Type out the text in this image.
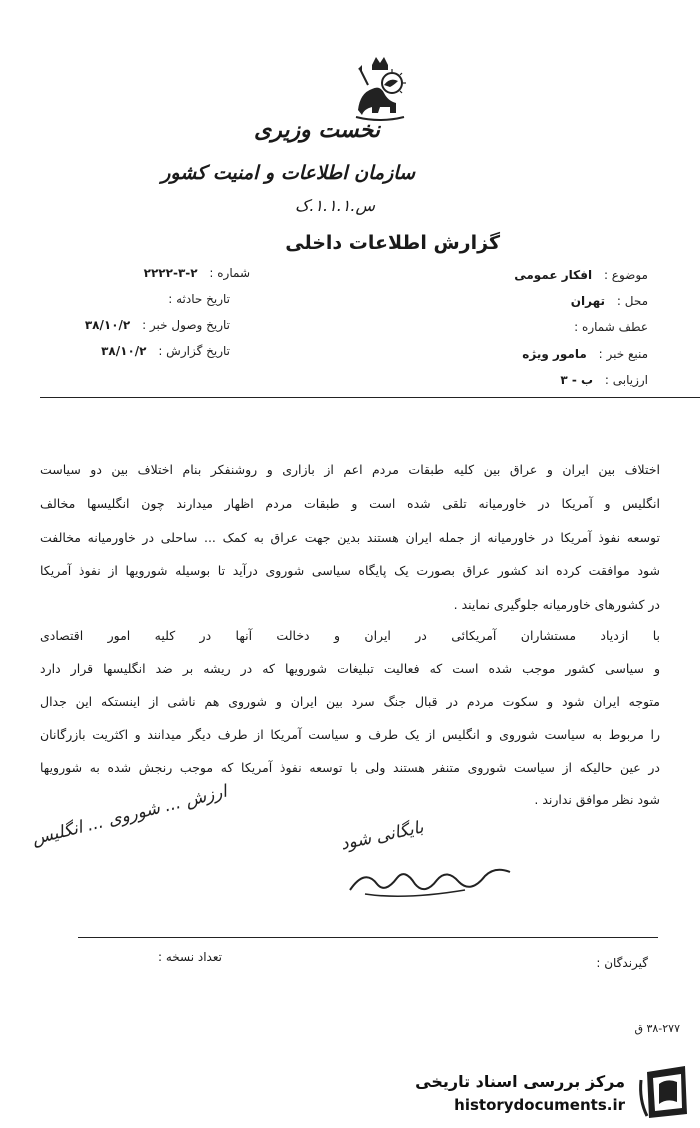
نخست وزیری
سازمان اطلاعات و امنیت کشور
س.۱.۱.۱.ک
گزارش اطلاعات داخلی
موضوع : افکار عمومی
محل : تهران
عطف شماره :
منبع خبر : مامور ویژه
ارزیابی : ب - ۳
شماره : ۲-۳-۲۲۲۲
تاریخ حادثه :
تاریخ وصول خبر : ۳۸/۱۰/۲
تاریخ گزارش : ۳۸/۱۰/۲
اختلاف بین ایران و عراق بین کلیه طبقات مردم اعم از بازاری و روشنفکر بنام اختلاف بین دو سیاست
انگلیس و آمریکا در خاورمیانه تلقی شده است و طبقات مردم اظهار میدارند چون انگلیسها مخالف
توسعه نفوذ آمریکا در خاورمیانه از جمله ایران هستند بدین جهت عراق به کمک ... ساحلی در خاورمیانه مخالفت
شود موافقت کرده اند کشور عراق بصورت یک پایگاه سیاسی شوروی درآید تا بوسیله شورویها از نفوذ آمریکا
در کشورهای خاورمیانه جلوگیری نمایند .
با ازدیاد مستشاران آمریکائی در ایران و دخالت آنها در کلیه امور اقتصادی
و سیاسی کشور موجب شده است که فعالیت تبلیغات شورویها که در ریشه بر ضد انگلیسها قرار دارد
متوجه ایران شود و سکوت مردم در قبال جنگ سرد بین ایران و شوروی هم ناشی از اینستکه این جدال
را مربوط به سیاست شوروی و انگلیس از یک طرف و سیاست آمریکا از طرف دیگر میدانند و اکثریت بازرگانان
در عین حالیکه از سیاست شوروی متنفر هستند ولی با توسعه نفوذ آمریکا که موجب رنجش شده به شورویها
شود نظر موافق ندارند .
ارزش ... شوروی ... انگلیس	بایگانی شود
گیرندگان :
تعداد نسخه :
۳۸-۲۷۷ ق
مرکز بررسی اسناد تاریخی
historydocuments.ir
